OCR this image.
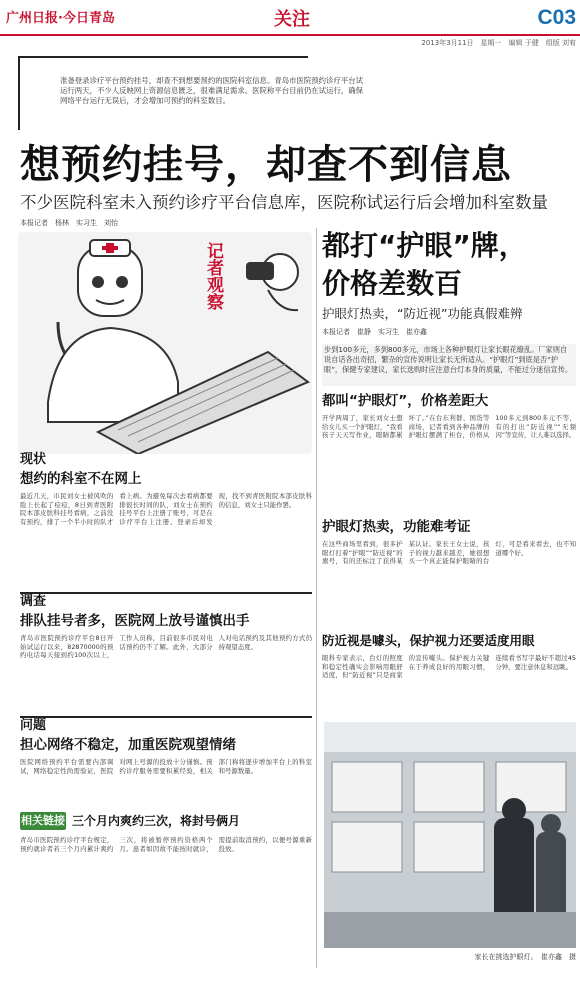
广州日报·今日青岛	关注	C03
2013年3月11日　星期一　编辑 于健　组版 刘宥
准备登录诊疗平台预约挂号，却查不到想要预约的医院科室信息。青岛市医院预约诊疗平台试运行两天，不少人反映网上资源信息匮乏，很难满足需求。医院称平台目前仍在试运行，确保网络平台运行无误后，才会增加可预约的科室数目。
想预约挂号，却查不到信息
不少医院科室未入预约诊疗平台信息库，医院称试运行后会增加科室数量
本报记者　杨林　实习生　刘怡
记者观察
现状
想约的科室不在网上
最近几天，市民刘女士被风吹的脸上长起了痘痘，8日到青医附院本部皮肤科挂号看病，之前没有预约，排了一个半小时的队才看上病。为避免每次去看病都要排很长时间的队，刘女士在预约挂号平台上注册了账号，可是在诊疗平台上注册、登录后却发现，找不到青医附院本部皮肤科的信息，刘女士只能作罢。
调查
排队挂号者多，医院网上放号谨慎出手
青岛市医院预约诊疗平台8日开始试运行以来，82870000的预约电话每天接到约100次以上，工作人员称，目前很多市民对电话预约仍不了解。此外，大部分人对电话预约及其他预约方式仍持观望态度。
问题
担心网络不稳定，加重医院观望情绪
医院网络预约平台需要内部调试，网络稳定性尚需验证，医院对网上号源的投放十分谨慎。预约诊疗服务需要积累经验，相关部门称将逐步增加平台上的科室和号源数量。
相关链接 三个月内爽约三次，将封号俩月
青岛市医院预约诊疗平台规定，预约就诊者若三个月内累计爽约三次，将被暂停预约资格两个月。患者如因故不能按时就诊，需提前取消预约，以便号源重新投放。
都打“护眼”牌，
价格差数百
护眼灯热卖，“防近视”功能真假难辨
本报记者　崔静　实习生　崔亦鑫
步到100多元，多到800多元，市场上各种护眼灯让家长眼花缭乱。厂家则自说自话各出奇招，繁杂的宣传说明让家长无所适从。“护眼灯”到底是否“护眼”，保健专家建议，家长选购时应注意台灯本身的质量，不能过分迷信宣传。
都叫“护眼灯”，价格差距大
开学两周了，家长刘女士想给女儿买一个护眼灯，“我看孩子天天写作业，眼睛都累坏了。”在台东利群、国货等商场，记者看到各种品牌的护眼灯摆满了柜台，价格从100多元到800多元不等，有的打出“防近视”“无频闪”等宣传，让人难以选择。
护眼灯热卖，功能难考证
在这些商场里看到，很多护眼灯打着“护眼”“防近视”的旗号，有的还标注了获得某某认证。家长王女士说，孩子的视力越来越差，她很想买一个真正能保护眼睛的台灯，可是看来看去，也不知道哪个好。
防近视是噱头，保护视力还要适度用眼
眼科专家表示，台灯的照度和稳定性确实会影响用眼舒适度，但“防近视”只是商家的宣传噱头。保护视力关键在于养成良好的用眼习惯，连续看书写字最好不超过45分钟，要注意休息和远眺。
家长在挑选护眼灯。　崔亦鑫　摄
